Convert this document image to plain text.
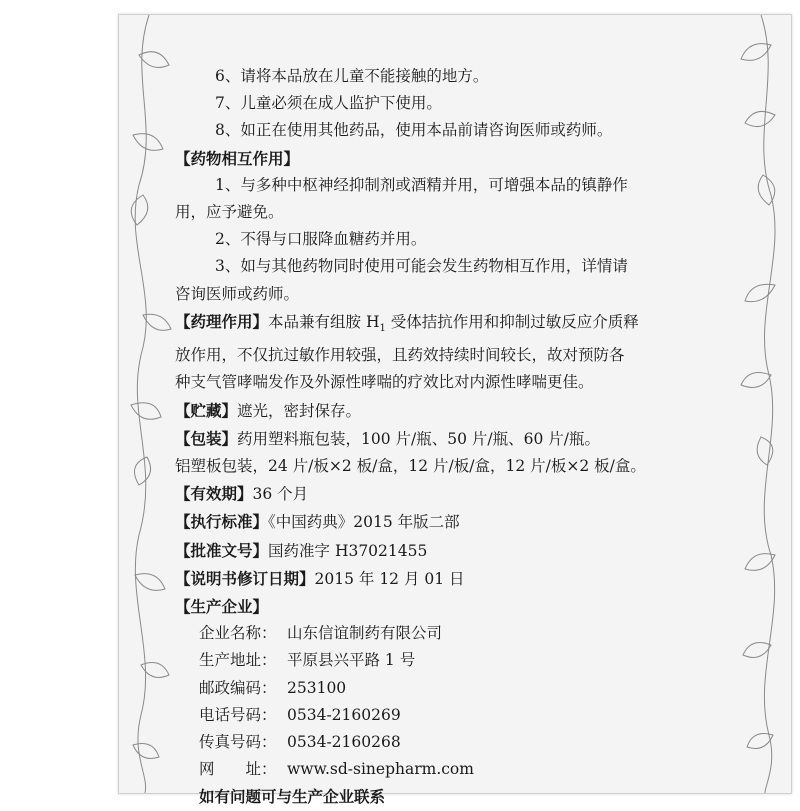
6、请将本品放在儿童不能接触的地方。
7、儿童必须在成人监护下使用。
8、如正在使用其他药品，使用本品前请咨询医师或药师。
【药物相互作用】
1、与多种中枢神经抑制剂或酒精并用，可增强本品的镇静作
用，应予避免。
2、不得与口服降血糖药并用。
3、如与其他药物同时使用可能会发生药物相互作用，详情请
咨询医师或药师。
【药理作用】本品兼有组胺 $H_1$ 受体拮抗作用和抑制过敏反应介质释
放作用，不仅抗过敏作用较强，且药效持续时间较长，故对预防各
种支气管哮喘发作及外源性哮喘的疗效比对内源性哮喘更佳。
【贮藏】遮光，密封保存。
【包装】药用塑料瓶包装，100 片/瓶、50 片/瓶、60 片/瓶。
铝塑板包装，24 片/板×2 板/盒，12 片/板/盒，12 片/板×2 板/盒。
【有效期】36 个月
【执行标准】《中国药典》2015 年版二部
【批准文号】国药准字 H37021455
【说明书修订日期】2015 年 12 月 01 日
【生产企业】
企业名称： 山东信谊制药有限公司
生产地址： 平原县兴平路 1 号
邮政编码： 253100
电话号码： 0534-2160269
传真号码： 0534-2160268
网　　址： www.sd-sinepharm.com
如有问题可与生产企业联系
